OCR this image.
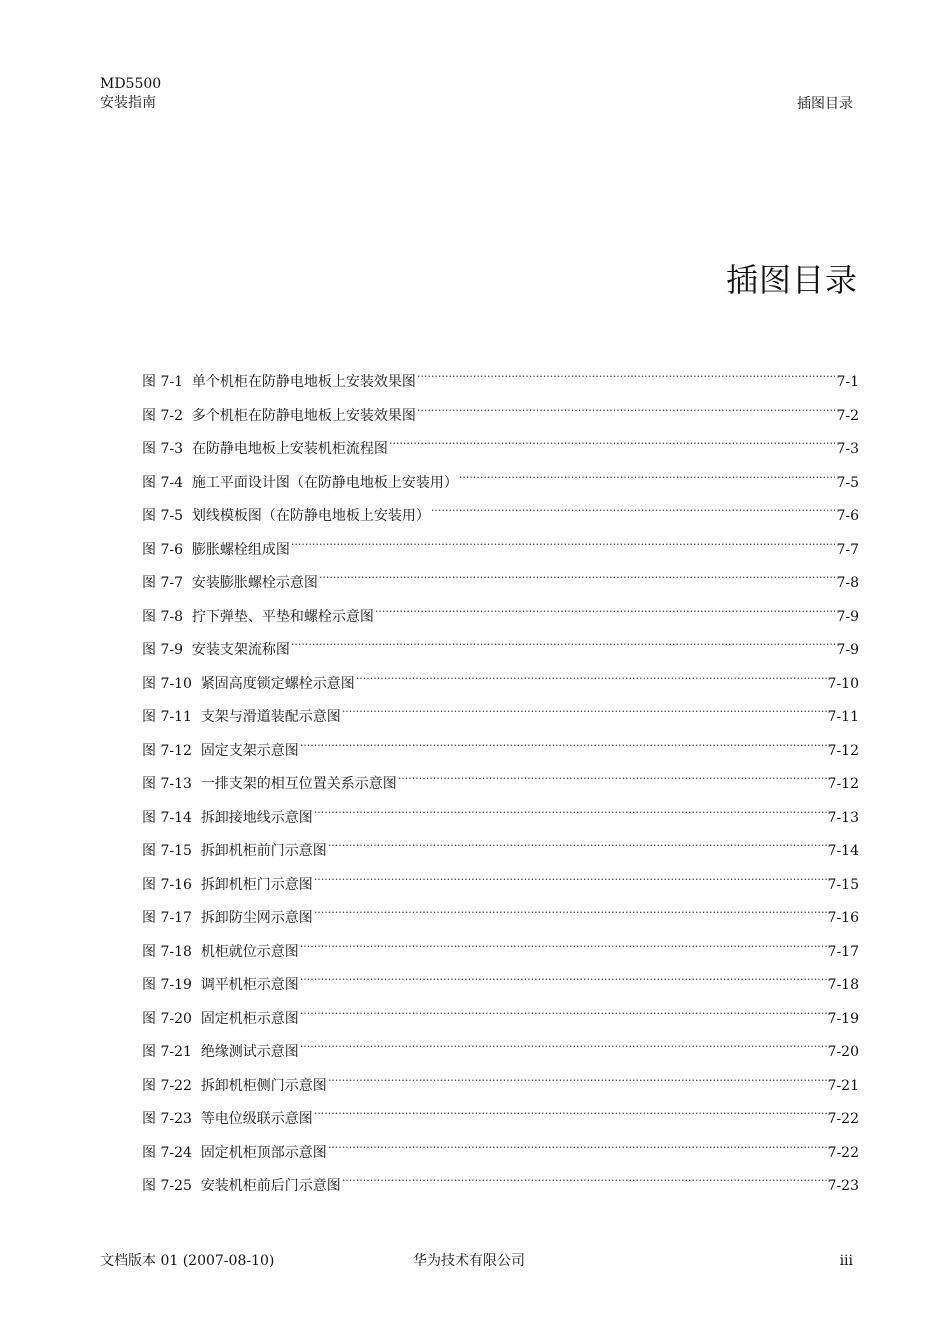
MD5500
安装指南	插图目录
插图目录
图 7-1
单个机柜在防静电地板上安装效果图 .....	7-1
图 7-2
多个机柜在防静电地板上安装效果图 .....	7-2
图 7-3
在防静电地板上安装机柜流程图 .....	7-3
图 7-4
施工平面设计图（在防静电地板上安装用） .....	7-5
图 7-5
划线模板图（在防静电地板上安装用） .....	7-6
图 7-6
膨胀螺栓组成图 .....	7-7
图 7-7
安装膨胀螺栓示意图 .....	7-8
图 7-8
拧下弹垫、平垫和螺栓示意图 .....	7-9
图 7-9
安装支架流称图 .....	7-9
图 7-10
紧固高度锁定螺栓示意图 .....	7-10
图 7-11
支架与滑道装配示意图 .....	7-11
图 7-12
固定支架示意图 .....	7-12
图 7-13
一排支架的相互位置关系示意图 .....	7-12
图 7-14
拆卸接地线示意图 .....	7-13
图 7-15
拆卸机柜前门示意图 .....	7-14
图 7-16
拆卸机柜门示意图 .....	7-15
图 7-17
拆卸防尘网示意图 .....	7-16
图 7-18
机柜就位示意图 .....	7-17
图 7-19
调平机柜示意图 .....	7-18
图 7-20
固定机柜示意图 .....	7-19
图 7-21
绝缘测试示意图 .....	7-20
图 7-22
拆卸机柜侧门示意图 .....	7-21
图 7-23
等电位级联示意图 .....	7-22
图 7-24
固定机柜顶部示意图 .....	7-22
图 7-25
安装机柜前后门示意图 .....	7-23
文档版本 01 (2007-08-10)	华为技术有限公司	iii
